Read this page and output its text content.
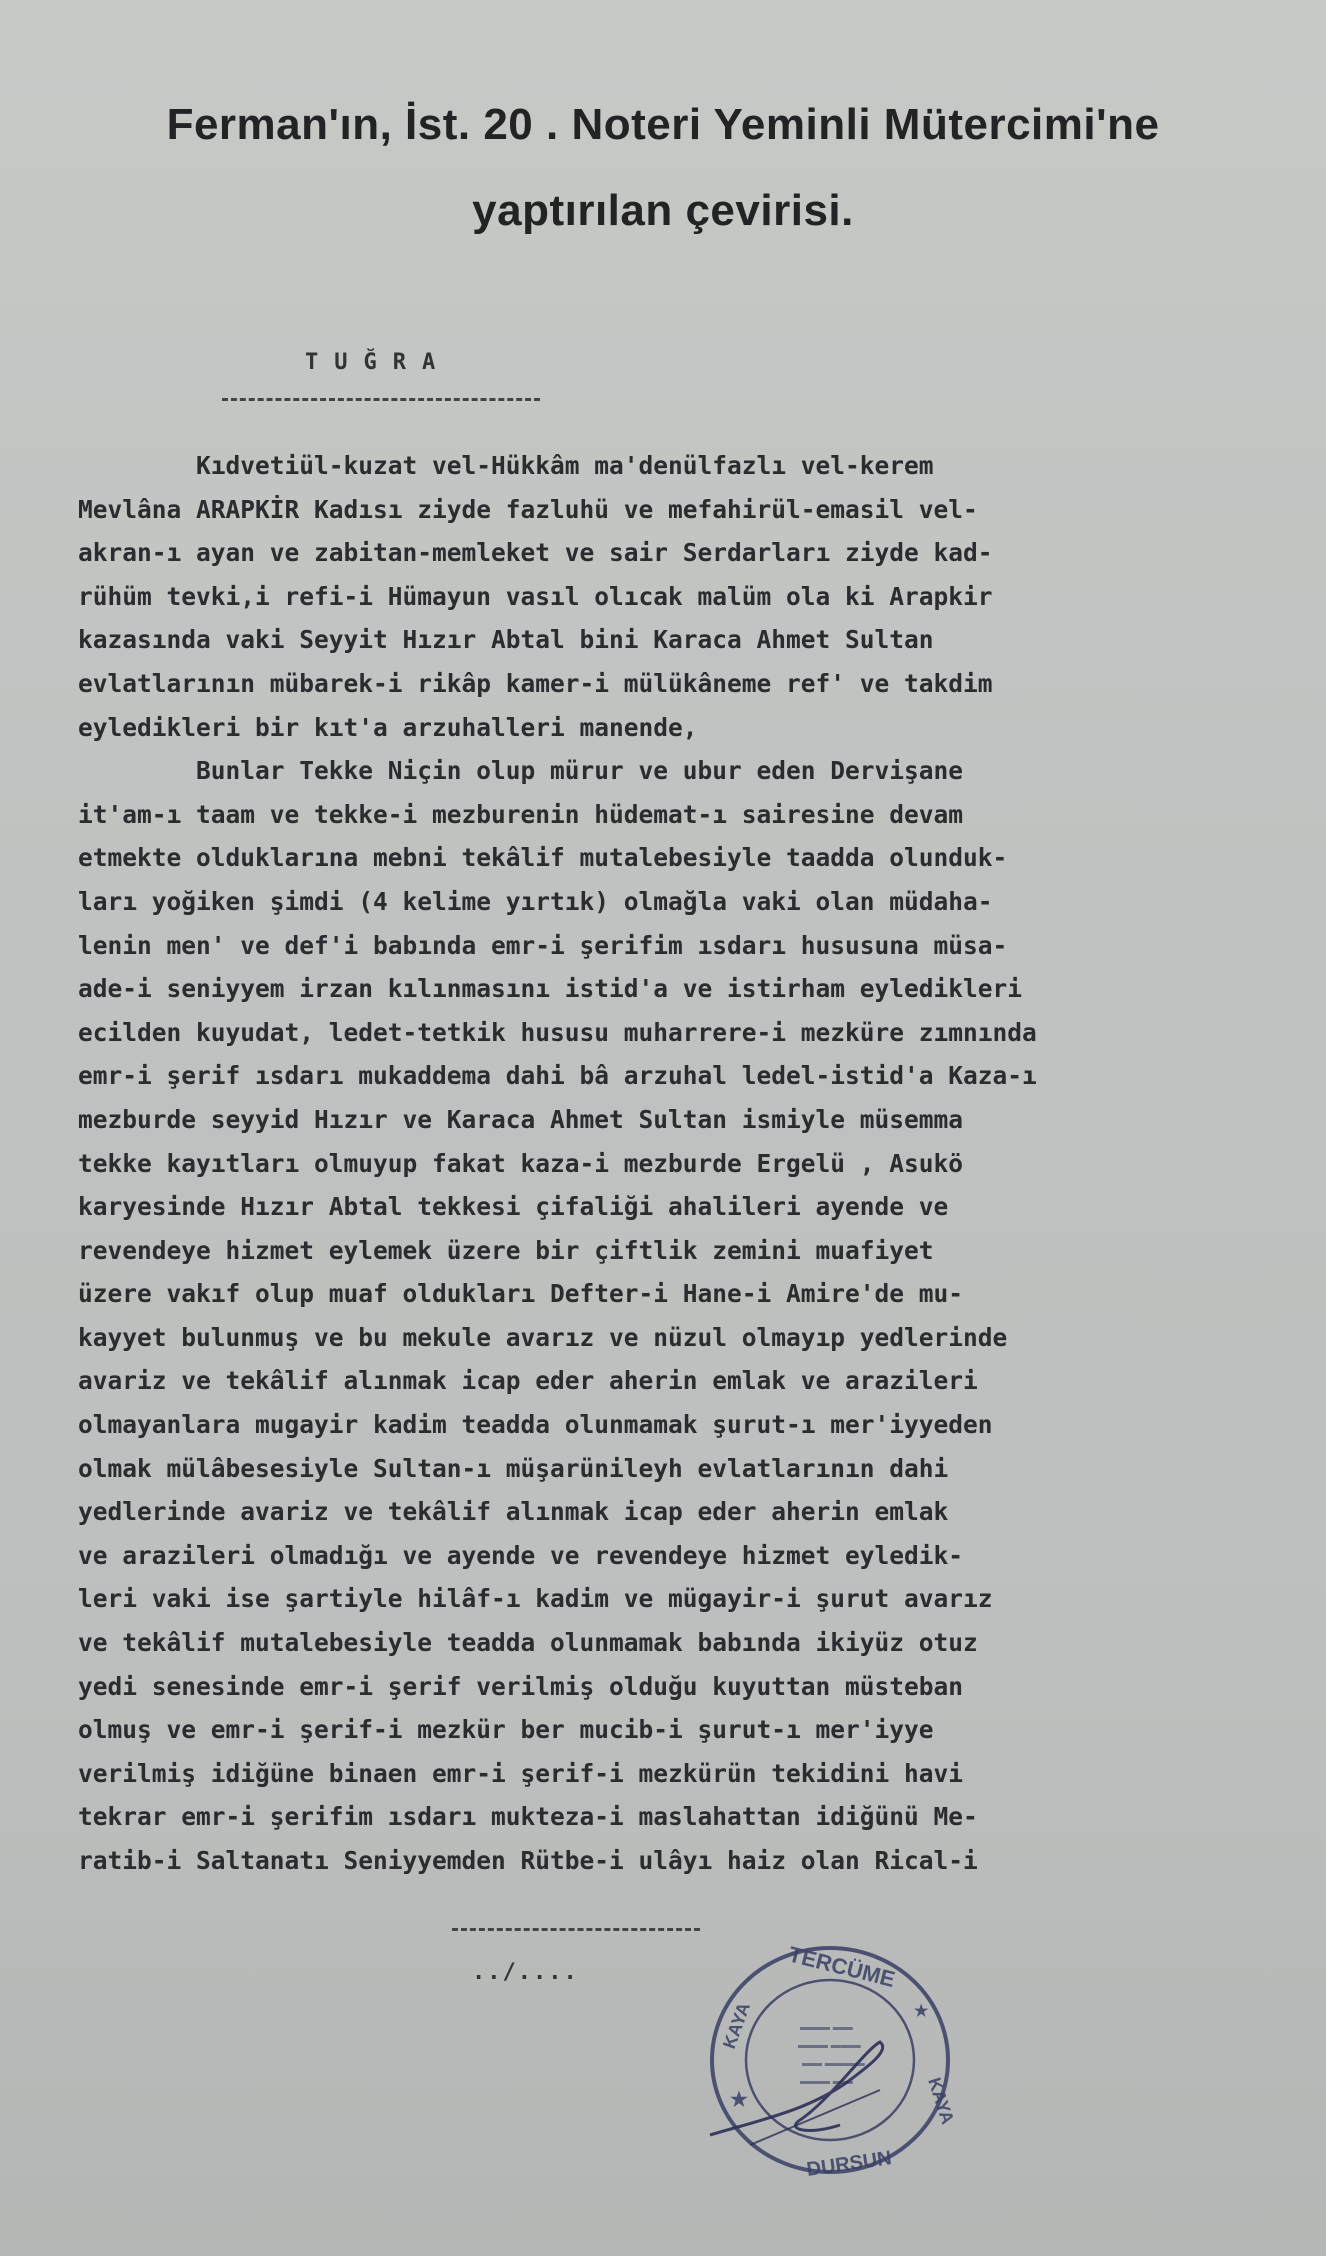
Ferman'ın, İst. 20 . Noteri Yeminli Mütercimi'ne
yaptırılan çevirisi.
TUĞRA
Kıdvetiül-kuzat vel-Hükkâm ma'denülfazlı vel-kerem
Mevlâna ARAPKİR Kadısı ziyde fazluhü ve mefahirül-emasil vel-
akran-ı ayan ve zabitan-memleket ve sair Serdarları ziyde kad-
rühüm tevki,i refi-i Hümayun vasıl olıcak malüm ola ki Arapkir
kazasında vaki Seyyit Hızır Abtal bini Karaca Ahmet Sultan
evlatlarının mübarek-i rikâp kamer-i mülükâneme ref' ve takdim
eyledikleri bir kıt'a arzuhalleri manende,
Bunlar Tekke Niçin olup mürur ve ubur eden Dervişane
it'am-ı taam ve tekke-i mezburenin hüdemat-ı sairesine devam
etmekte olduklarına mebni tekâlif mutalebesiyle taadda olunduk-
ları yoğiken şimdi (4 kelime yırtık) olmağla vaki olan müdaha-
lenin men' ve def'i babında emr-i şerifim ısdarı hususuna müsa-
ade-i seniyyem irzan kılınmasını istid'a ve istirham eyledikleri
ecilden kuyudat, ledet-tetkik hususu muharrere-i mezküre zımnında
emr-i şerif ısdarı mukaddema dahi bâ arzuhal ledel-istid'a Kaza-ı
mezburde seyyid Hızır ve Karaca Ahmet Sultan ismiyle müsemma
tekke kayıtları olmuyup fakat kaza-i mezburde Ergelü , Asukö
karyesinde Hızır Abtal tekkesi çifaliği ahalileri ayende ve
revendeye hizmet eylemek üzere bir çiftlik zemini muafiyet
üzere vakıf olup muaf oldukları Defter-i Hane-i Amire'de mu-
kayyet bulunmuş ve bu mekule avarız ve nüzul olmayıp yedlerinde
avariz ve tekâlif alınmak icap eder aherin emlak ve arazileri
olmayanlara mugayir kadim teadda olunmamak şurut-ı mer'iyyeden
olmak mülâbesesiyle Sultan-ı müşarünileyh evlatlarının dahi
yedlerinde avariz ve tekâlif alınmak icap eder aherin emlak
ve arazileri olmadığı ve ayende ve revendeye hizmet eyledik-
leri vaki ise şartiyle hilâf-ı kadim ve mügayir-i şurut avarız
ve tekâlif mutalebesiyle teadda olunmamak babında ikiyüz otuz
yedi senesinde emr-i şerif verilmiş olduğu kuyuttan müsteban
olmuş ve emr-i şerif-i mezkür ber mucib-i şurut-ı mer'iyye
verilmiş idiğüne binaen emr-i şerif-i mezkürün tekidini havi
tekrar emr-i şerifim ısdarı mukteza-i maslahattan idiğünü Me-
ratib-i Saltanatı Seniyyemden Rütbe-i ulâyı haiz olan Rical-i
../....	TERCÜME
KAYA
KAYA
DURSUN
★
★
▬▬▬ ▬▬
▬▬▬ ▬▬▬
▬▬ ▬▬▬▬
▬▬▬ ▬▬
